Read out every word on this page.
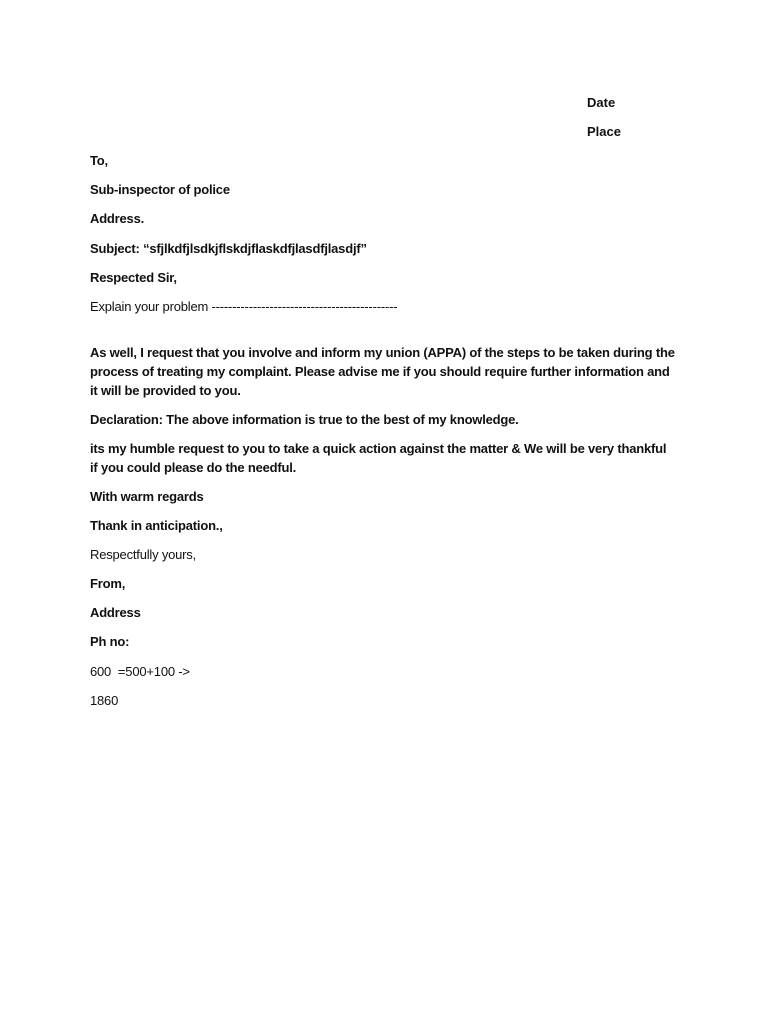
Date
Place
To,
Sub-inspector of police
Address.
Subject: “sfjlkdfjlsdkjflskdjflaskdfjlasdfjlasdjf”
Respected Sir,
Explain your problem ---------------------------------------------
As well, I request that you involve and inform my union (APPA) of the steps to be taken during the process of treating my complaint. Please advise me if you should require further information and it will be provided to you.
Declaration: The above information is true to the best of my knowledge.
its my humble request to you to take a quick action against the matter & We will be very thankful if you could please do the needful.
With warm regards
Thank in anticipation.,
Respectfully yours,
From,
Address
Ph no:
600  =500+100 ->
1860
